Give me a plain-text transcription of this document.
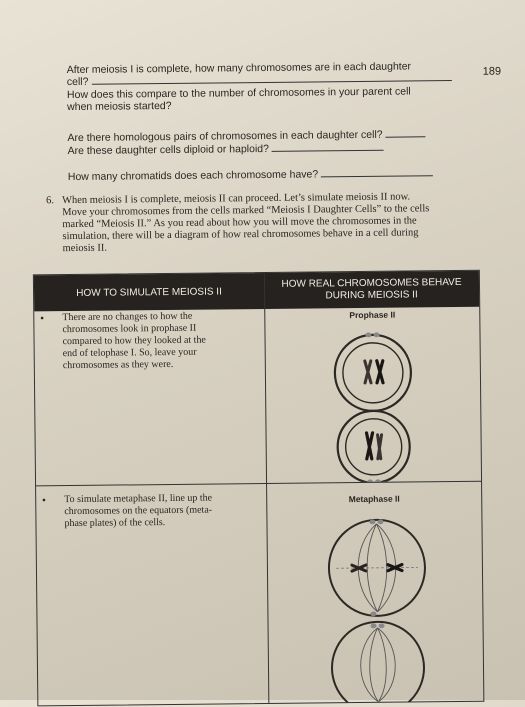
189
After meiosis I is complete, how many chromosomes are in each daughter
cell?
How does this compare to the number of chromosomes in your parent cell
when meiosis started?
Are there homologous pairs of chromosomes in each daughter cell?
Are these daughter cells diploid or haploid?
How many chromatids does each chromosome have?
6. When meiosis I is complete, meiosis II can proceed. Let’s simulate meiosis II now.
Move your chromosomes from the cells marked “Meiosis I Daughter Cells” to the cells
marked “Meiosis II.” As you read about how you will move the chromosomes in the
simulation, there will be a diagram of how real chromosomes behave in a cell during
meiosis II.
HOW TO SIMULATE MEIOSIS II
HOW REAL CHROMOSOMES BEHAVE
DURING MEIOSIS II
• There are no changes to how the
chromosomes look in prophase II
compared to how they looked at the
end of telophase I. So, leave your
chromosomes as they were.
Prophase II
• To simulate metaphase II, line up the
chromosomes on the equators (meta-
phase plates) of the cells.
Metaphase II
